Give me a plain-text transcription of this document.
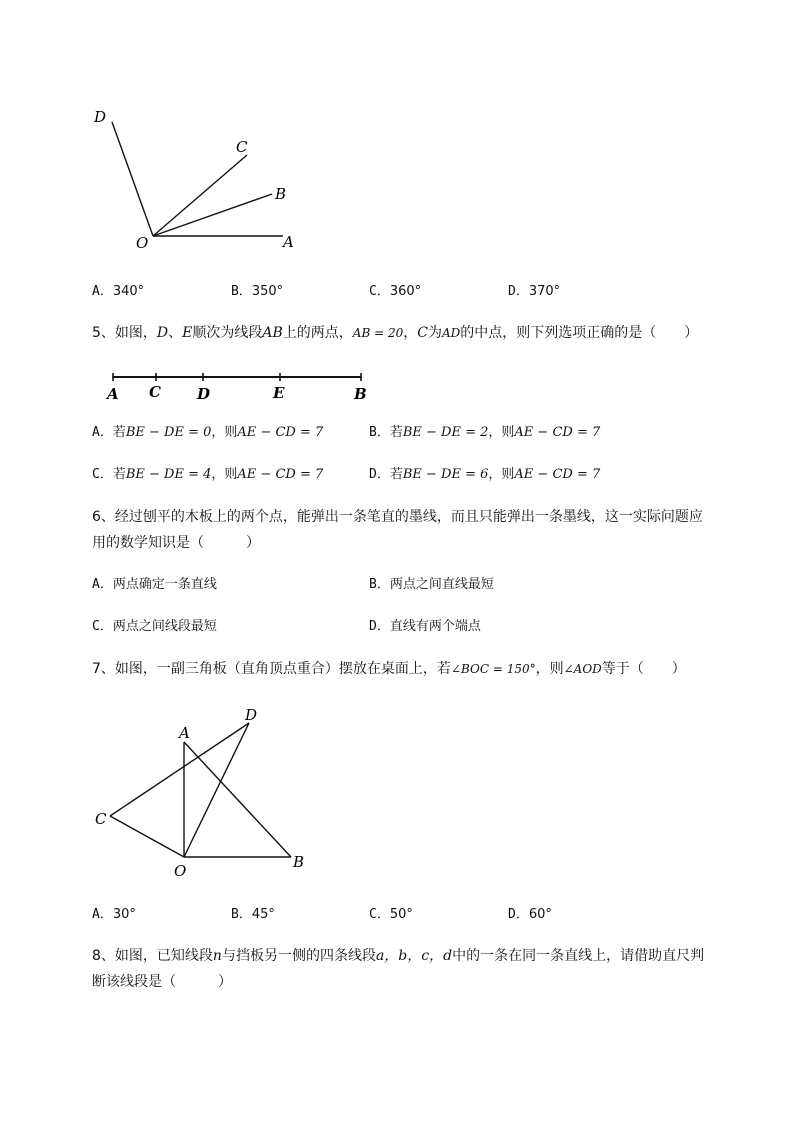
D
C
B
O	A
A．340°	B．350°	C．360°	D．370°
5、如图，D、E顺次为线段AB上的两点，AB = 20，C为AD的中点，则下列选项正确的是（　　）
A C D	E	B
A．若BE − DE = 0，则AE − CD = 7	B．若BE − DE = 2，则AE − CD = 7
C．若BE − DE = 4，则AE − CD = 7	D．若BE − DE = 6，则AE − CD = 7
6、经过刨平的木板上的两个点，能弹出一条笔直的墨线，而且只能弹出一条墨线，这一实际问题应
用的数学知识是（　　　）
A．两点确定一条直线	B．两点之间直线最短
C．两点之间线段最短	D．直线有两个端点
7、如图，一副三角板（直角顶点重合）摆放在桌面上，若∠BOC = 150°，则∠AOD等于（　　）
A
D
C
O	B
A．30°	B．45°	C．50°	D．60°
8、如图，已知线段n与挡板另一侧的四条线段a，b，c，d中的一条在同一条直线上，请借助直尺判
断该线段是（　　　）
